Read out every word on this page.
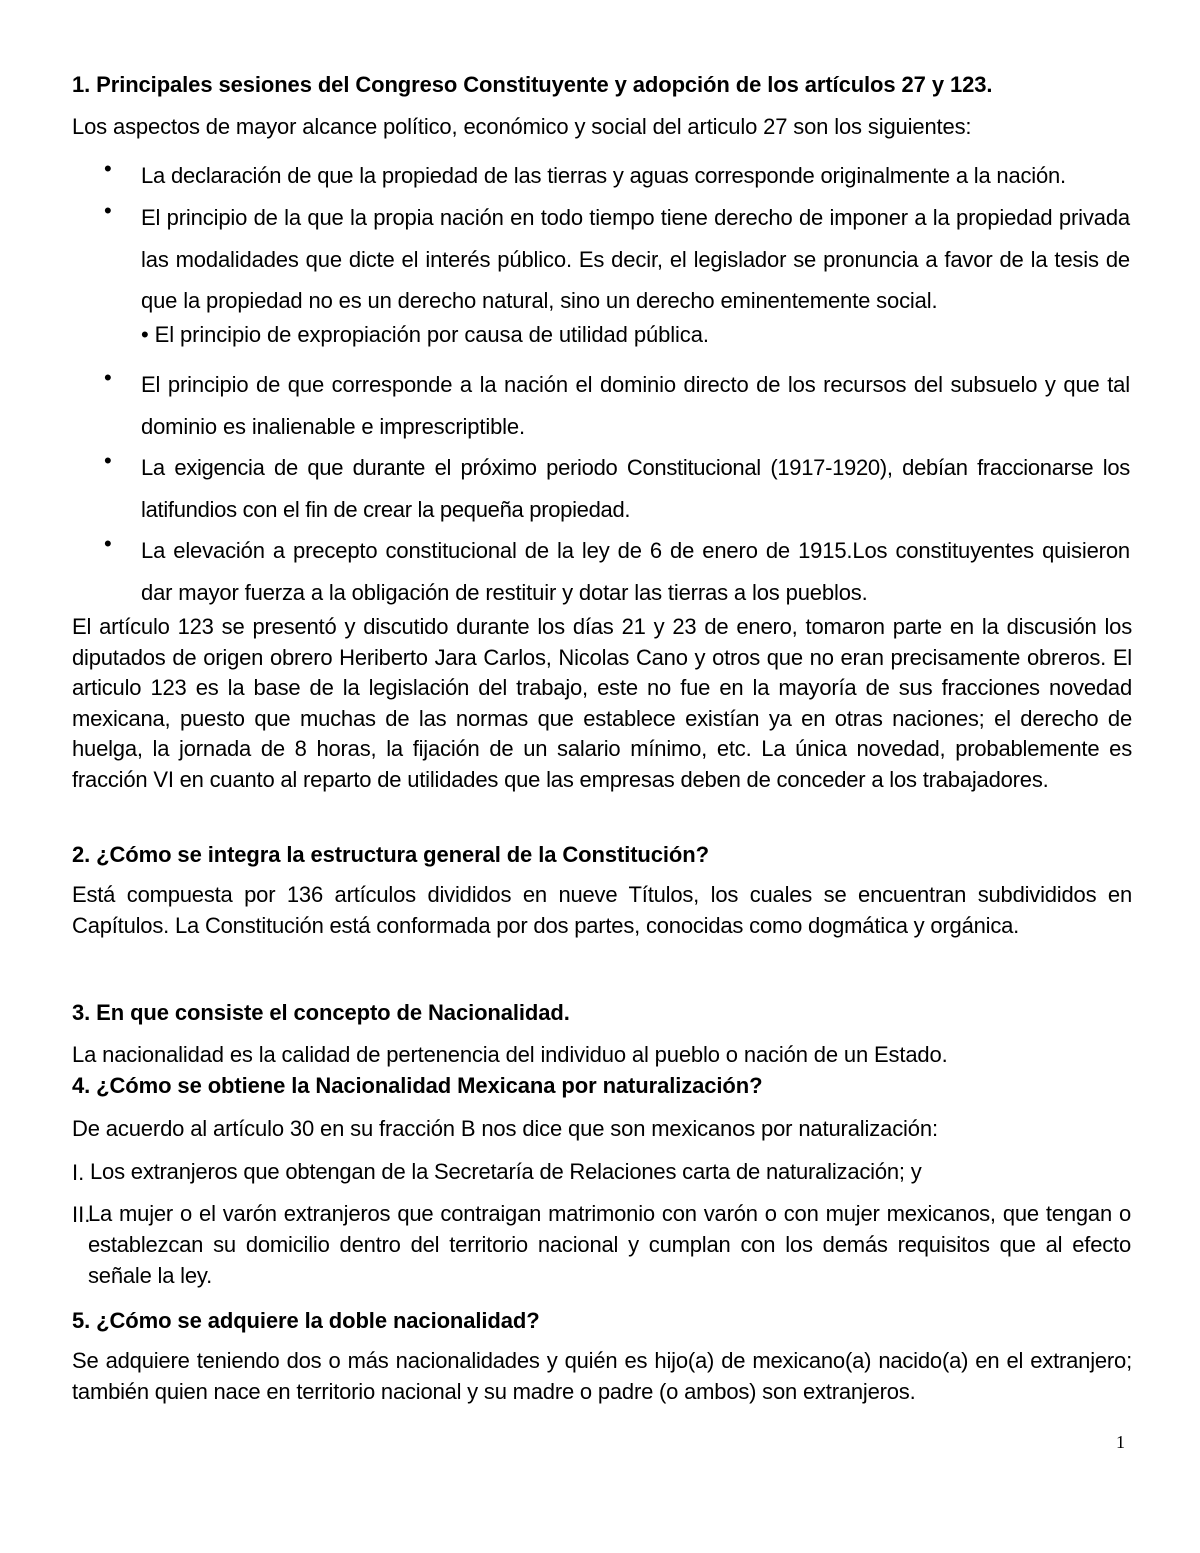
1. Principales sesiones del Congreso Constituyente y adopción de los artículos 27 y 123.
Los aspectos de mayor alcance político, económico y social del articulo 27 son los siguientes:
• La declaración de que la propiedad de las tierras y aguas corresponde originalmente a la nación.

• El principio de la que la propia nación en todo tiempo tiene derecho de imponer a la propiedad privada las modalidades que dicte el interés público. Es decir, el legislador se pronuncia a favor de la tesis de que la propiedad no es un derecho natural, sino un derecho eminentemente social.

• El principio de expropiación por causa de utilidad pública.
• El principio de que corresponde a la nación el dominio directo de los recursos del subsuelo y que tal dominio es inalienable e imprescriptible.

• La exigencia de que durante el próximo periodo Constitucional (1917-1920), debían fraccionarse los latifundios con el fin de crear la pequeña propiedad.

• La elevación a precepto constitucional de la ley de 6 de enero de 1915.Los constituyentes quisieron dar mayor fuerza a la obligación de restituir y dotar las tierras a los pueblos.

El artículo 123 se presentó y discutido durante los días 21 y 23 de enero, tomaron parte en la discusión los diputados de origen obrero Heriberto Jara Carlos, Nicolas Cano y otros que no eran precisamente obreros. El articulo 123 es la base de la legislación del trabajo, este no fue en la mayoría de sus fracciones novedad mexicana, puesto que muchas de las normas que establece existían ya en otras naciones; el derecho de huelga, la jornada de 8 horas, la fijación de un salario mínimo, etc. La única novedad, probablemente es fracción VI en cuanto al reparto de utilidades que las empresas deben de conceder a los trabajadores.

2. ¿Cómo se integra la estructura general de la Constitución?

Está compuesta por 136 artículos divididos en nueve Títulos, los cuales se encuentran subdivididos en Capítulos. La Constitución está conformada por dos partes, conocidas como dogmática y orgánica.

3. En que consiste el concepto de Nacionalidad.
La nacionalidad es la calidad de pertenencia del individuo al pueblo o nación de un Estado.
4. ¿Cómo se obtiene la Nacionalidad Mexicana por naturalización?
De acuerdo al artículo 30 en su fracción B nos dice que son mexicanos por naturalización:
I. Los extranjeros que obtengan de la Secretaría de Relaciones carta de naturalización; y
II.
La mujer o el varón extranjeros que contraigan matrimonio con varón o con mujer mexicanos, que tengan o establezcan su domicilio dentro del territorio nacional y cumplan con los demás requisitos que al efecto señale la ley.
5. ¿Cómo se adquiere la doble nacionalidad?

Se adquiere teniendo dos o más nacionalidades y quién es hijo(a) de mexicano(a) nacido(a) en el extranjero; también quien nace en territorio nacional y su madre o padre (o ambos) son extranjeros.

1
